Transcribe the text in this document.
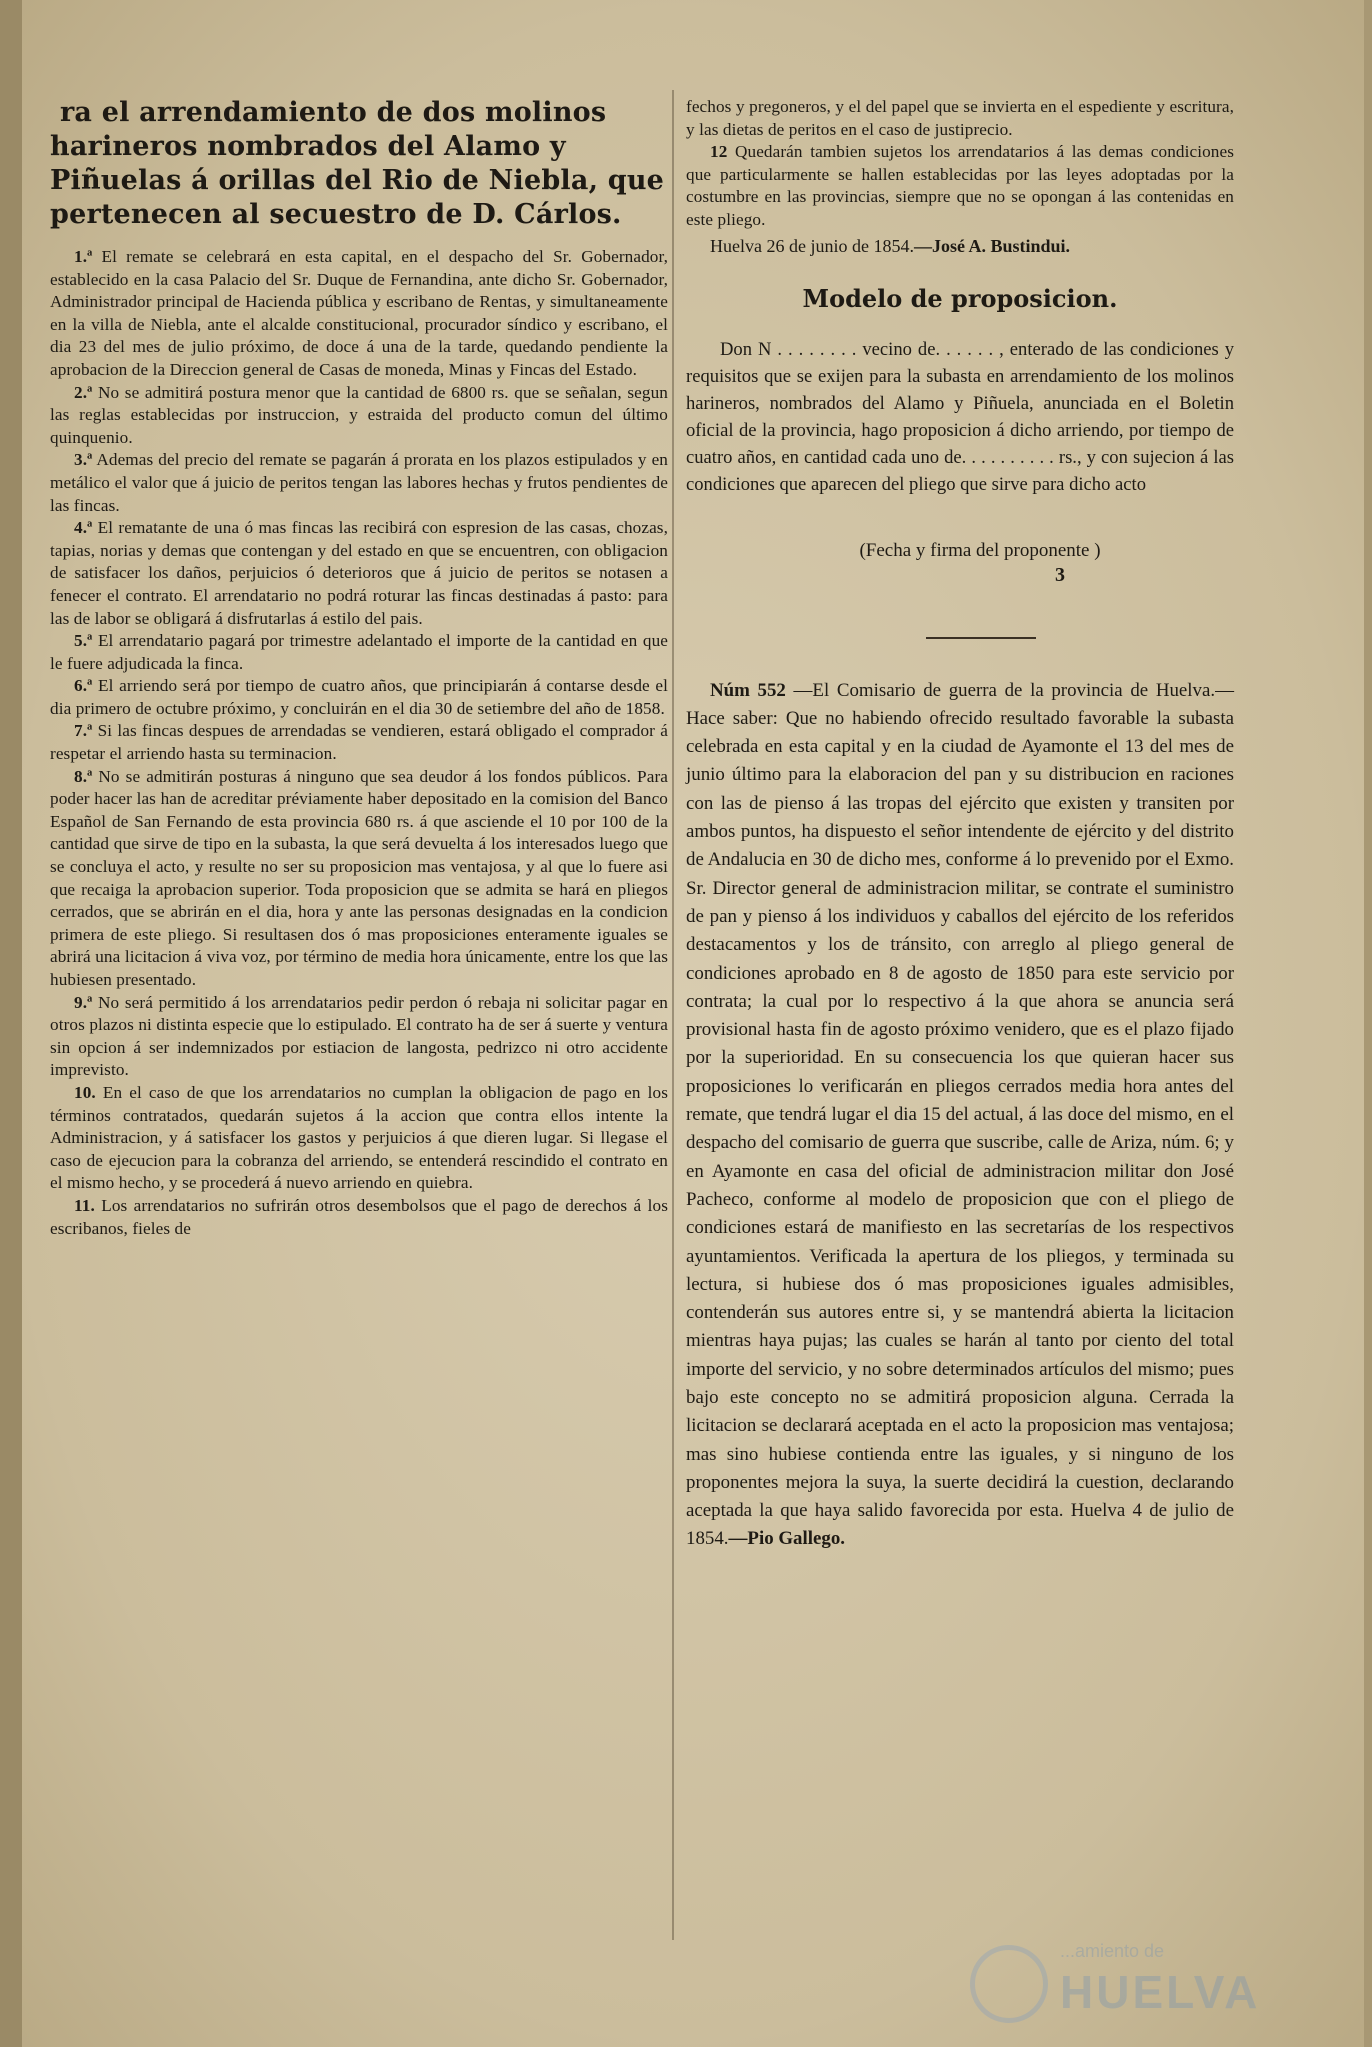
ra el arrendamiento de dos molinos harineros nombrados del Alamo y Piñuelas á orillas del Rio de Niebla, que pertenecen al secuestro de D. Cárlos.

1.ª El remate se celebrará en esta capital, en el despacho del Sr. Gobernador, establecido en la casa Palacio del Sr. Duque de Fernandina, ante dicho Sr. Gobernador, Administrador principal de Hacienda pública y escribano de Rentas, y simultaneamente en la villa de Niebla, ante el alcalde constitucional, procurador síndico y escribano, el dia 23 del mes de julio próximo, de doce á una de la tarde, quedando pendiente la aprobacion de la Direccion general de Casas de moneda, Minas y Fincas del Estado.

2.ª No se admitirá postura menor que la cantidad de 6800 rs. que se señalan, segun las reglas establecidas por instruccion, y estraida del producto comun del último quinquenio.

3.ª Ademas del precio del remate se pagarán á prorata en los plazos estipulados y en metálico el valor que á juicio de peritos tengan las labores hechas y frutos pendientes de las fincas.

4.ª El rematante de una ó mas fincas las recibirá con espresion de las casas, chozas, tapias, norias y demas que contengan y del estado en que se encuentren, con obligacion de satisfacer los daños, perjuicios ó deterioros que á juicio de peritos se notasen a fenecer el contrato. El arrendatario no podrá roturar las fincas destinadas á pasto: para las de labor se obligará á disfrutarlas á estilo del pais.

5.ª El arrendatario pagará por trimestre adelantado el importe de la cantidad en que le fuere adjudicada la finca.

6.ª El arriendo será por tiempo de cuatro años, que principiarán á contarse desde el dia primero de octubre próximo, y concluirán en el dia 30 de setiembre del año de 1858.

7.ª Si las fincas despues de arrendadas se vendieren, estará obligado el comprador á respetar el arriendo hasta su terminacion.

8.ª No se admitirán posturas á ninguno que sea deudor á los fondos públicos. Para poder hacer las han de acreditar préviamente haber depositado en la comision del Banco Español de San Fernando de esta provincia 680 rs. á que asciende el 10 por 100 de la cantidad que sirve de tipo en la subasta, la que será devuelta á los interesados luego que se concluya el acto, y resulte no ser su proposicion mas ventajosa, y al que lo fuere asi que recaiga la aprobacion superior. Toda proposicion que se admita se hará en pliegos cerrados, que se abrirán en el dia, hora y ante las personas designadas en la condicion primera de este pliego. Si resultasen dos ó mas proposiciones enteramente iguales se abrirá una licitacion á viva voz, por término de media hora únicamente, entre los que las hubiesen presentado.

9.ª No será permitido á los arrendatarios pedir perdon ó rebaja ni solicitar pagar en otros plazos ni distinta especie que lo estipulado. El contrato ha de ser á suerte y ventura sin opcion á ser indemnizados por estiacion de langosta, pedrizco ni otro accidente imprevisto.

10. En el caso de que los arrendatarios no cumplan la obligacion de pago en los términos contratados, quedarán sujetos á la accion que contra ellos intente la Administracion, y á satisfacer los gastos y perjuicios á que dieren lugar. Si llegase el caso de ejecucion para la cobranza del arriendo, se entenderá rescindido el contrato en el mismo hecho, y se procederá á nuevo arriendo en quiebra.

11. Los arrendatarios no sufrirán otros desembolsos que el pago de derechos á los escribanos, fieles de

fechos y pregoneros, y el del papel que se invierta en el espediente y escritura, y las dietas de peritos en el caso de justiprecio.

12 Quedarán tambien sujetos los arrendatarios á las demas condiciones que particularmente se hallen establecidas por las leyes adoptadas por la costumbre en las provincias, siempre que no se opongan á las contenidas en este pliego.

Huelva 26 de junio de 1854.—José A. Bustindui.

Modelo de proposicion.

Don N . . . . . . . . vecino de. . . . . . , enterado de las condiciones y requisitos que se exijen para la subasta en arrendamiento de los molinos harineros, nombrados del Alamo y Piñuela, anunciada en el Boletin oficial de la provincia, hago proposicion á dicho arriendo, por tiempo de cuatro años, en cantidad cada uno de. . . . . . . . . . rs., y con sujecion á las condiciones que aparecen del pliego que sirve para dicho acto

(Fecha y firma del proponente )

3

Núm 552 —El Comisario de guerra de la provincia de Huelva.—Hace saber: Que no habiendo ofrecido resultado favorable la subasta celebrada en esta capital y en la ciudad de Ayamonte el 13 del mes de junio último para la elaboracion del pan y su distribucion en raciones con las de pienso á las tropas del ejército que existen y transiten por ambos puntos, ha dispuesto el señor intendente de ejército y del distrito de Andalucia en 30 de dicho mes, conforme á lo prevenido por el Exmo. Sr. Director general de administracion militar, se contrate el suministro de pan y pienso á los individuos y caballos del ejército de los referidos destacamentos y los de tránsito, con arreglo al pliego general de condiciones aprobado en 8 de agosto de 1850 para este servicio por contrata; la cual por lo respectivo á la que ahora se anuncia será provisional hasta fin de agosto próximo venidero, que es el plazo fijado por la superioridad. En su consecuencia los que quieran hacer sus proposiciones lo verificarán en pliegos cerrados media hora antes del remate, que tendrá lugar el dia 15 del actual, á las doce del mismo, en el despacho del comisario de guerra que suscribe, calle de Ariza, núm. 6; y en Ayamonte en casa del oficial de administracion militar don José Pacheco, conforme al modelo de proposicion que con el pliego de condiciones estará de manifiesto en las secretarías de los respectivos ayuntamientos. Verificada la apertura de los pliegos, y terminada su lectura, si hubiese dos ó mas proposiciones iguales admisibles, contenderán sus autores entre si, y se mantendrá abierta la licitacion mientras haya pujas; las cuales se harán al tanto por ciento del total importe del servicio, y no sobre determinados artículos del mismo; pues bajo este concepto no se admitirá proposicion alguna. Cerrada la licitacion se declarará aceptada en el acto la proposicion mas ventajosa; mas sino hubiese contienda entre las iguales, y si ninguno de los proponentes mejora la suya, la suerte decidirá la cuestion, declarando aceptada la que haya salido favorecida por esta. Huelva 4 de julio de 1854.—Pio Gallego.

...amiento de
HUELVA
